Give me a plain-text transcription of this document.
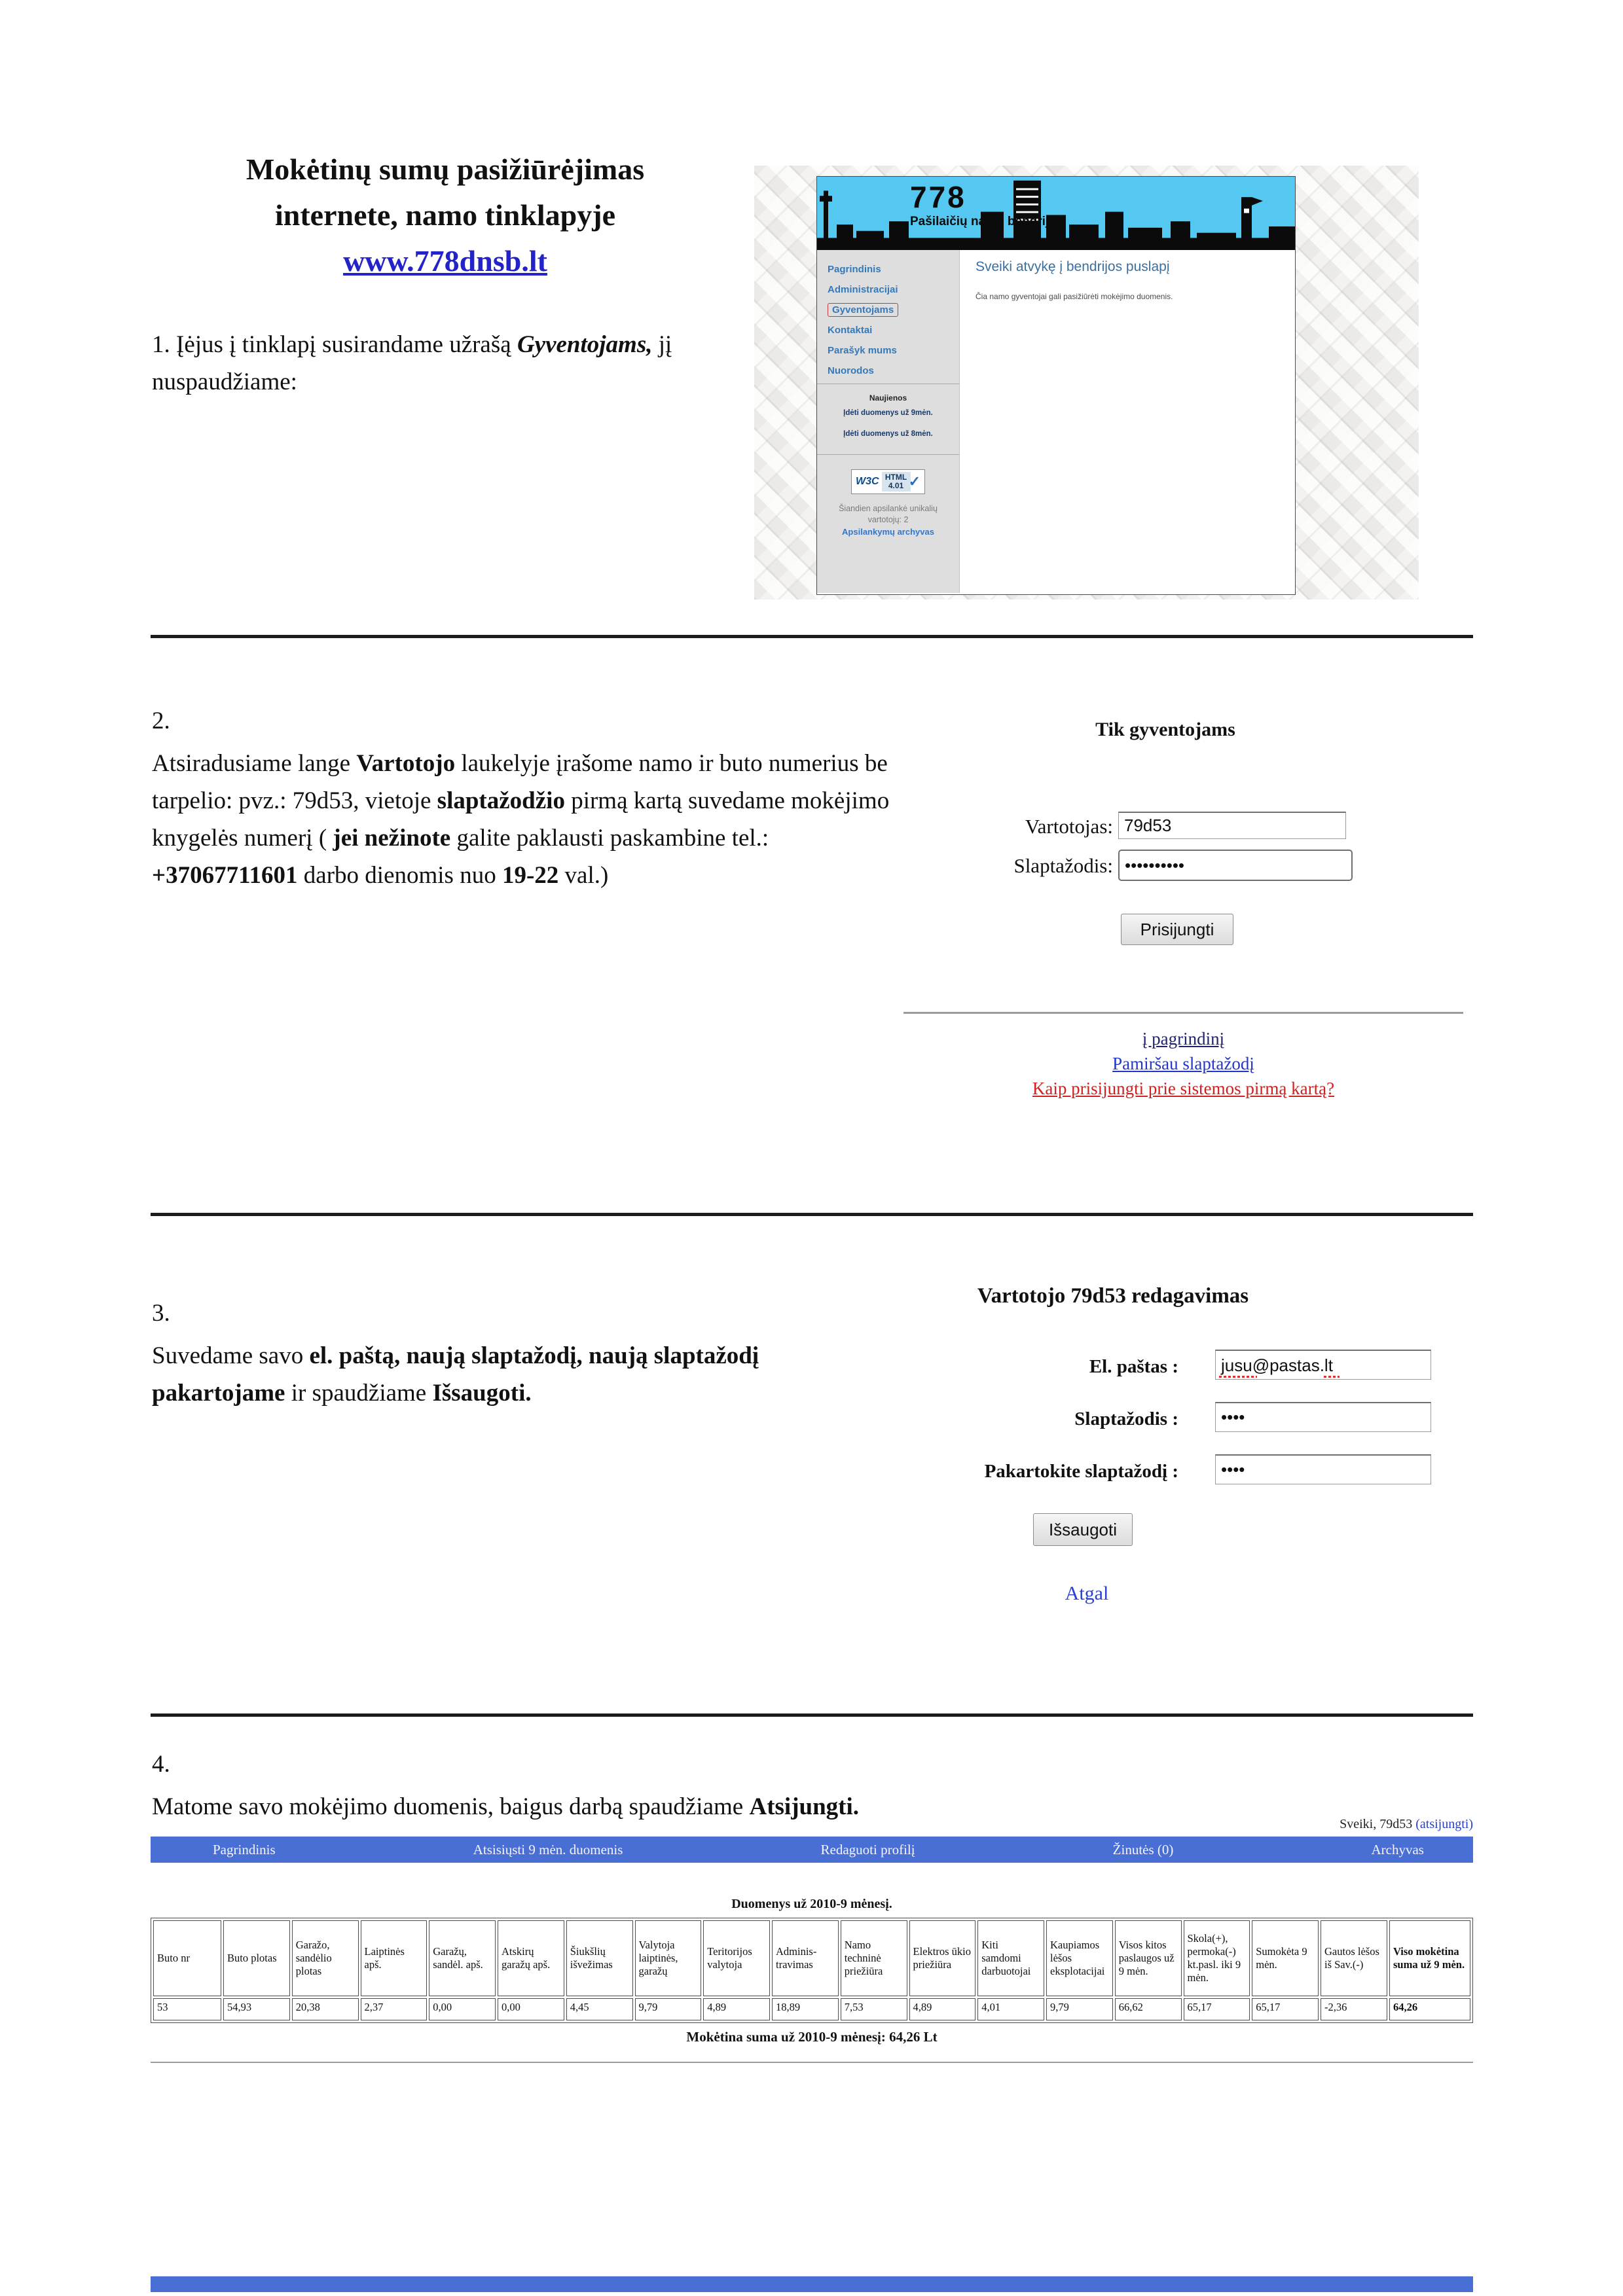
Mokėtinų sumų pasižiūrėjimas
internete, namo tinklapyje
www.778dnsb.lt
1. Įėjus į tinklapį susirandame užrašą Gyventojams, jį nuspaudžiame:
778
Pašilaičių namų bendrija
Pagrindinis
Administracijai
Gyventojams
Kontaktai
Parašyk mums
Nuorodos
Naujienos
Įdėti duomenys už 9mėn.
Įdėti duomenys už 8mėn.
W3C HTML 4.01 ✓
Šiandien apsilankė unikalių vartotojų: 2
Apsilankymų archyvas
Sveiki atvykę į bendrijos puslapį
Čia namo gyventojai gali pasižiūrėti mokėjimo duomenis.
2.
Atsiradusiame lange Vartotojo laukelyje įrašome namo ir buto numerius be tarpelio: pvz.: 79d53, vietoje slaptažodžio pirmą kartą suvedame mokėjimo knygelės numerį ( jei nežinote galite paklausti paskambine tel.: +37067711601 darbo dienomis nuo 19-22 val.)
Tik gyventojams
Vartotojas:
79d53
Slaptažodis:
••••••••••
Prisijungti
į pagrindinį
Pamiršau slaptažodį
Kaip prisijungti prie sistemos pirmą kartą?
3.
Suvedame savo el. paštą, naują slaptažodį, naują slaptažodį pakartojame ir spaudžiame Išsaugoti.
Vartotojo 79d53 redagavimas
El. paštas :	jusu@pastas.lt
Slaptažodis :
••••
Pakartokite slaptažodį :
••••
Išsaugoti
Atgal
4.
Matome savo mokėjimo duomenis, baigus darbą spaudžiame Atsijungti.
Sveiki, 79d53 (atsijungti)
Pagrindinis	Atsisiųsti 9 mėn. duomenis	Redaguoti profilį	Žinutės (0)	Archyvas
Duomenys už 2010-9 mėnesį.
Buto nr	Buto plotas	Garažo, sandėlio plotas	Laiptinės apš.	Garažų, sandėl. apš.	Atskirų garažų apš.	Šiukšlių išvežimas	Valytoja laiptinės, garažų	Teritorijos valytoja	Adminis- travimas	Namo techninė priežiūra	Elektros ūkio priežiūra	Kiti samdomi darbuotojai	Kaupiamos lėšos eksplotacijai	Visos kitos paslaugos už 9 mėn.	Skola(+), permoka(-) kt.pasl. iki 9 mėn.	Sumokėta 9 mėn.	Gautos lėšos iš Sav.(-)	Viso mokėtina suma už 9 mėn.
53	54,93	20,38	2,37	0,00	0,00	4,45	9,79	4,89	18,89	7,53	4,89	4,01	9,79	66,62	65,17	65,17	-2,36	64,26
Mokėtina suma už 2010-9 mėnesį: 64,26 Lt
